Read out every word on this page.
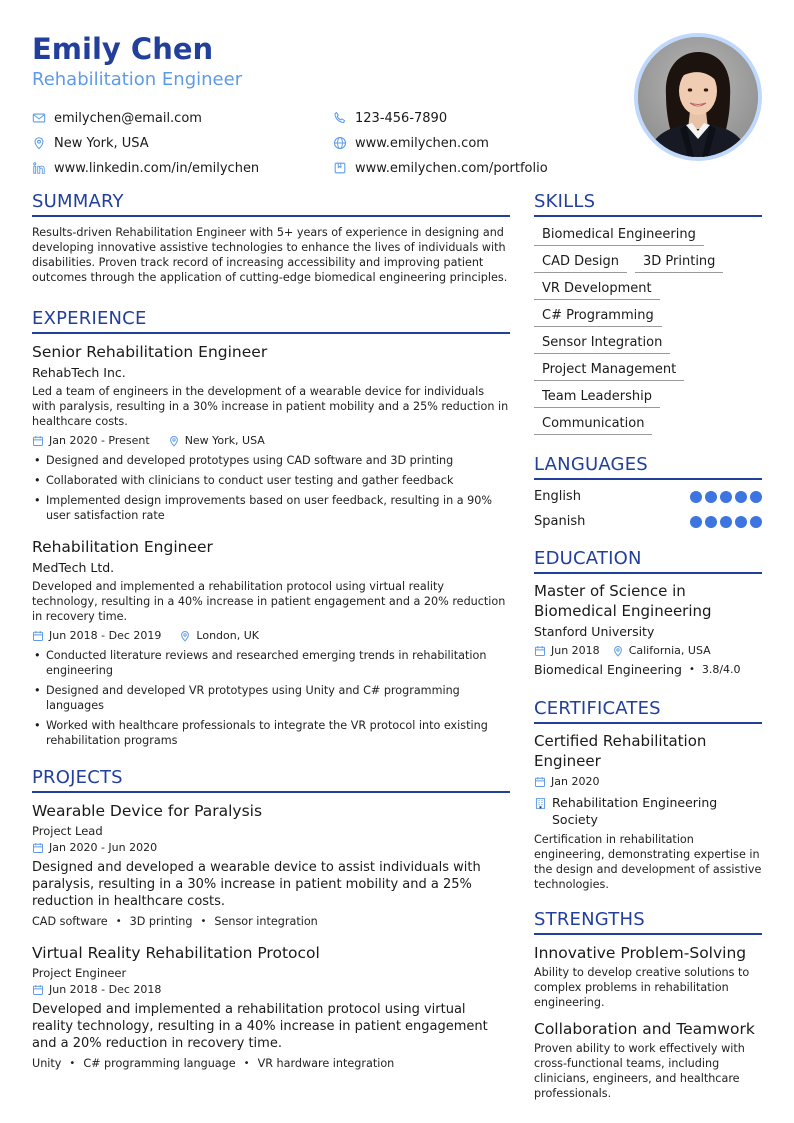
Emily Chen
Rehabilitation Engineer
emilychen@email.com	123-456-7890
New York, USA	www.emilychen.com
www.linkedin.com/in/emilychen	www.emilychen.com/portfolio
SUMMARY
Results-driven Rehabilitation Engineer with 5+ years of experience in designing and developing innovative assistive technologies to enhance the lives of individuals with disabilities. Proven track record of increasing accessibility and improving patient outcomes through the application of cutting-edge biomedical engineering principles.
EXPERIENCE
Senior Rehabilitation Engineer
RehabTech Inc.
Led a team of engineers in the development of a wearable device for individuals with paralysis, resulting in a 30% increase in patient mobility and a 25% reduction in healthcare costs.
Jan 2020 - Present	New York, USA
• Designed and developed prototypes using CAD software and 3D printing
• Collaborated with clinicians to conduct user testing and gather feedback
• Implemented design improvements based on user feedback, resulting in a 90% user satisfaction rate
Rehabilitation Engineer
MedTech Ltd.
Developed and implemented a rehabilitation protocol using virtual reality technology, resulting in a 40% increase in patient engagement and a 20% reduction in recovery time.
Jun 2018 - Dec 2019	London, UK
• Conducted literature reviews and researched emerging trends in rehabilitation engineering
• Designed and developed VR prototypes using Unity and C# programming languages
• Worked with healthcare professionals to integrate the VR protocol into existing rehabilitation programs
PROJECTS
Wearable Device for Paralysis
Project Lead
Jan 2020 - Jun 2020
Designed and developed a wearable device to assist individuals with paralysis, resulting in a 30% increase in patient mobility and a 25% reduction in healthcare costs.
CAD software • 3D printing • Sensor integration
Virtual Reality Rehabilitation Protocol
Project Engineer
Jun 2018 - Dec 2018
Developed and implemented a rehabilitation protocol using virtual reality technology, resulting in a 40% increase in patient engagement and a 20% reduction in recovery time.
Unity • C# programming language • VR hardware integration
SKILLS
Biomedical Engineering
CAD Design 3D Printing
VR Development
C# Programming
Sensor Integration
Project Management
Team Leadership
Communication
LANGUAGES
English
Spanish
EDUCATION
Master of Science in Biomedical Engineering
Stanford University
Jun 2018	California, USA
Biomedical Engineering • 3.8/4.0
CERTIFICATES
Certified Rehabilitation Engineer
Jan 2020
Rehabilitation Engineering Society
Certification in rehabilitation engineering, demonstrating expertise in the design and development of assistive technologies.
STRENGTHS
Innovative Problem-Solving
Ability to develop creative solutions to complex problems in rehabilitation engineering.
Collaboration and Teamwork
Proven ability to work effectively with cross-functional teams, including clinicians, engineers, and healthcare professionals.
